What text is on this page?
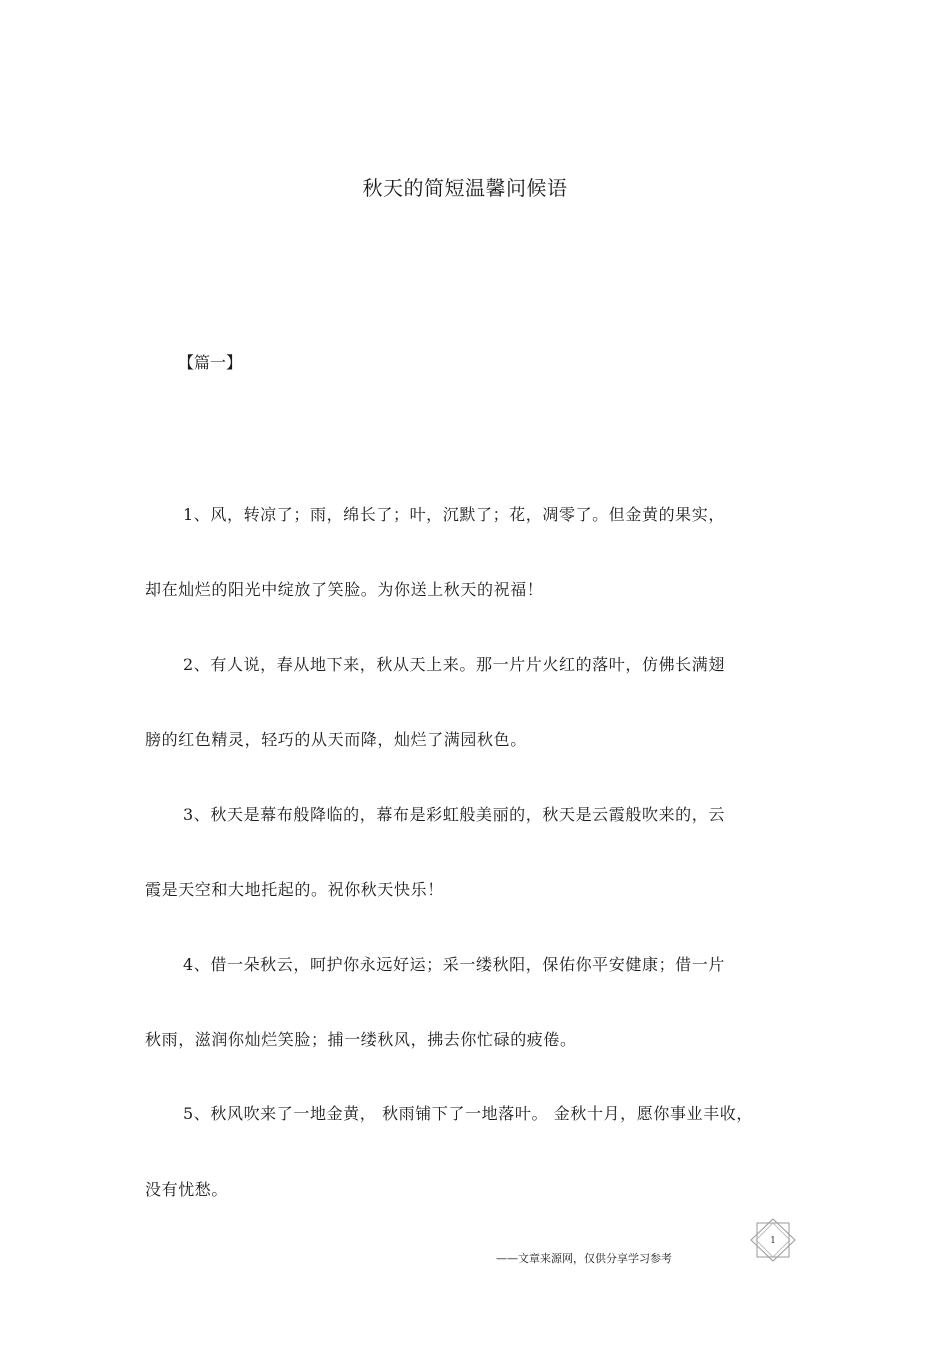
秋天的简短温馨问候语
【篇一】
1、风，转凉了；雨，绵长了；叶，沉默了；花，凋零了。但金黄的果实，
却在灿烂的阳光中绽放了笑脸。为你送上秋天的祝福！
2、有人说，春从地下来，秋从天上来。那一片片火红的落叶，仿佛长满翅
膀的红色精灵，轻巧的从天而降，灿烂了满园秋色。
3、秋天是幕布般降临的，幕布是彩虹般美丽的，秋天是云霞般吹来的，云
霞是天空和大地托起的。祝你秋天快乐！
4、借一朵秋云，呵护你永远好运；采一缕秋阳，保佑你平安健康；借一片
秋雨，滋润你灿烂笑脸；捕一缕秋风，拂去你忙碌的疲倦。
5、秋风吹来了一地金黄， 秋雨铺下了一地落叶。 金秋十月，愿你事业丰收，
没有忧愁。
——文章来源网，仅供分享学习参考
1
